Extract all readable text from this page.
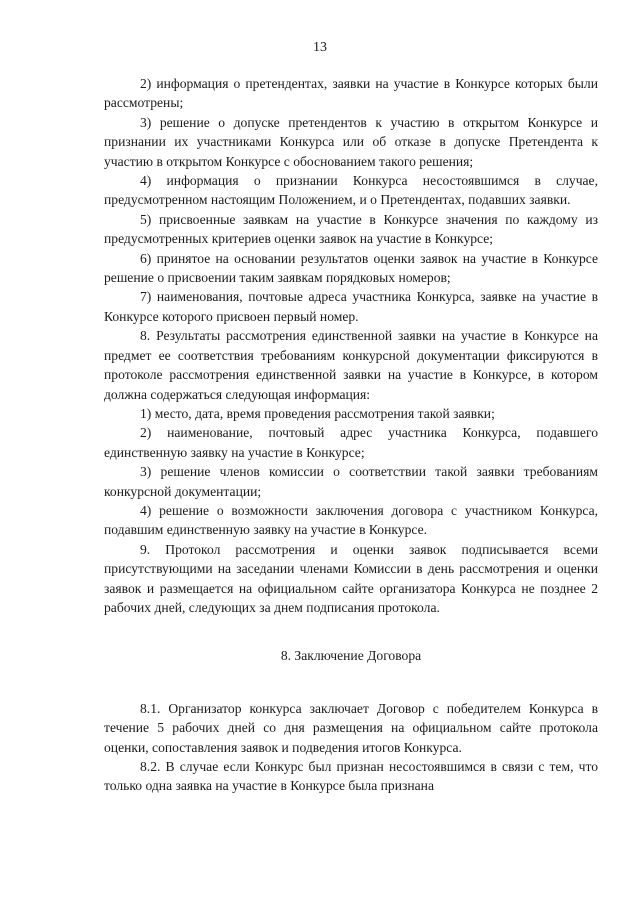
13

2) информация о претендентах, заявки на участие в Конкурсе которых были рассмотрены;

3) решение о допуске претендентов к участию в открытом Конкурсе и признании их участниками Конкурса или об отказе в допуске Претендента к участию в открытом Конкурсе с обоснованием такого решения;

4) информация о признании Конкурса несостоявшимся в случае, предусмотренном настоящим Положением, и о Претендентах, подавших заявки.

5) присвоенные заявкам на участие в Конкурсе значения по каждому из предусмотренных критериев оценки заявок на участие в Конкурсе;

6) принятое на основании результатов оценки заявок на участие в Конкурсе решение о присвоении таким заявкам порядковых номеров;

7) наименования, почтовые адреса участника Конкурса, заявке на участие в Конкурсе которого присвоен первый номер.

8. Результаты рассмотрения единственной заявки на участие в Конкурсе на предмет ее соответствия требованиям конкурсной документации фиксируются в протоколе рассмотрения единственной заявки на участие в Конкурсе, в котором должна содержаться следующая информация:

1) место, дата, время проведения рассмотрения такой заявки;

2) наименование, почтовый адрес участника Конкурса, подавшего единственную заявку на участие в Конкурсе;

3) решение членов комиссии о соответствии такой заявки требованиям конкурсной документации;

4) решение о возможности заключения договора с участником Конкурса, подавшим единственную заявку на участие в Конкурсе.

9. Протокол рассмотрения и оценки заявок подписывается всеми присутствующими на заседании членами Комиссии в день рассмотрения и оценки заявок и размещается на официальном сайте организатора Конкурса не позднее 2 рабочих дней, следующих за днем подписания протокола.

8. Заключение Договора

8.1. Организатор конкурса заключает Договор с победителем Конкурса в течение 5 рабочих дней со дня размещения на официальном сайте протокола оценки, сопоставления заявок и подведения итогов Конкурса.

8.2. В случае если Конкурс был признан несостоявшимся в связи с тем, что только одна заявка на участие в Конкурсе была признана
